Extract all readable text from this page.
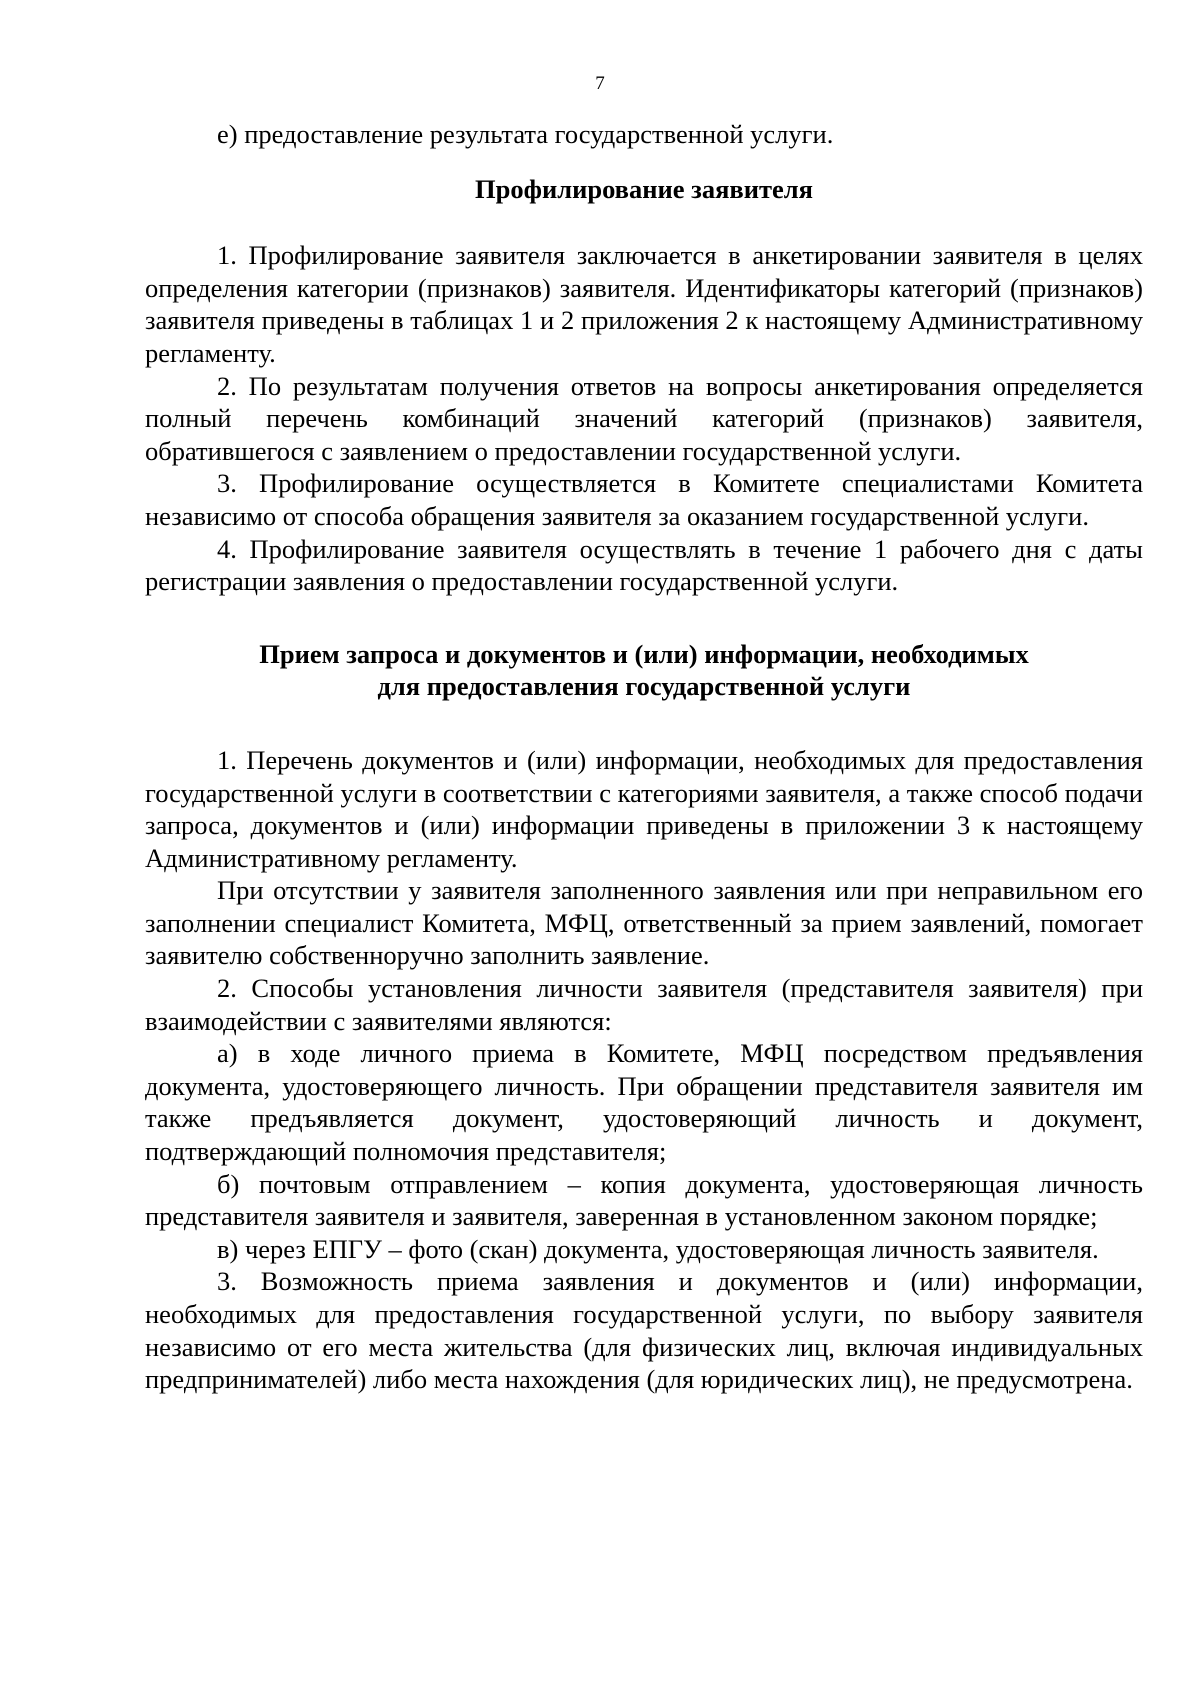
7

е) предоставление результата государственной услуги.

Профилирование заявителя

1. Профилирование заявителя заключается в анкетировании заявителя в целях определения категории (признаков) заявителя. Идентификаторы категорий (признаков) заявителя приведены в таблицах 1 и 2 приложения 2 к настоящему Административному регламенту.

2. По результатам получения ответов на вопросы анкетирования определяется полный перечень комбинаций значений категорий (признаков) заявителя, обратившегося с заявлением о предоставлении государственной услуги.

3. Профилирование осуществляется в Комитете специалистами Комитета независимо от способа обращения заявителя за оказанием государственной услуги.

4. Профилирование заявителя осуществлять в течение 1 рабочего дня с даты регистрации заявления о предоставлении государственной услуги.

Прием запроса и документов и (или) информации, необходимых
для предоставления государственной услуги

1. Перечень документов и (или) информации, необходимых для предоставления государственной услуги в соответствии с категориями заявителя, а также способ подачи запроса, документов и (или) информации приведены в приложении 3 к настоящему Административному регламенту.

При отсутствии у заявителя заполненного заявления или при неправильном его заполнении специалист Комитета, МФЦ, ответственный за прием заявлений, помогает заявителю собственноручно заполнить заявление.

2. Способы установления личности заявителя (представителя заявителя) при взаимодействии с заявителями являются:

а) в ходе личного приема в Комитете, МФЦ посредством предъявления документа, удостоверяющего личность. При обращении представителя заявителя им также предъявляется документ, удостоверяющий личность и документ, подтверждающий полномочия представителя;

б) почтовым отправлением – копия документа, удостоверяющая личность представителя заявителя и заявителя, заверенная в установленном законом порядке;

в) через ЕПГУ – фото (скан) документа, удостоверяющая личность заявителя.

3. Возможность приема заявления и документов и (или) информации, необходимых для предоставления государственной услуги, по выбору заявителя независимо от его места жительства (для физических лиц, включая индивидуальных предпринимателей) либо места нахождения (для юридических лиц), не предусмотрена.
